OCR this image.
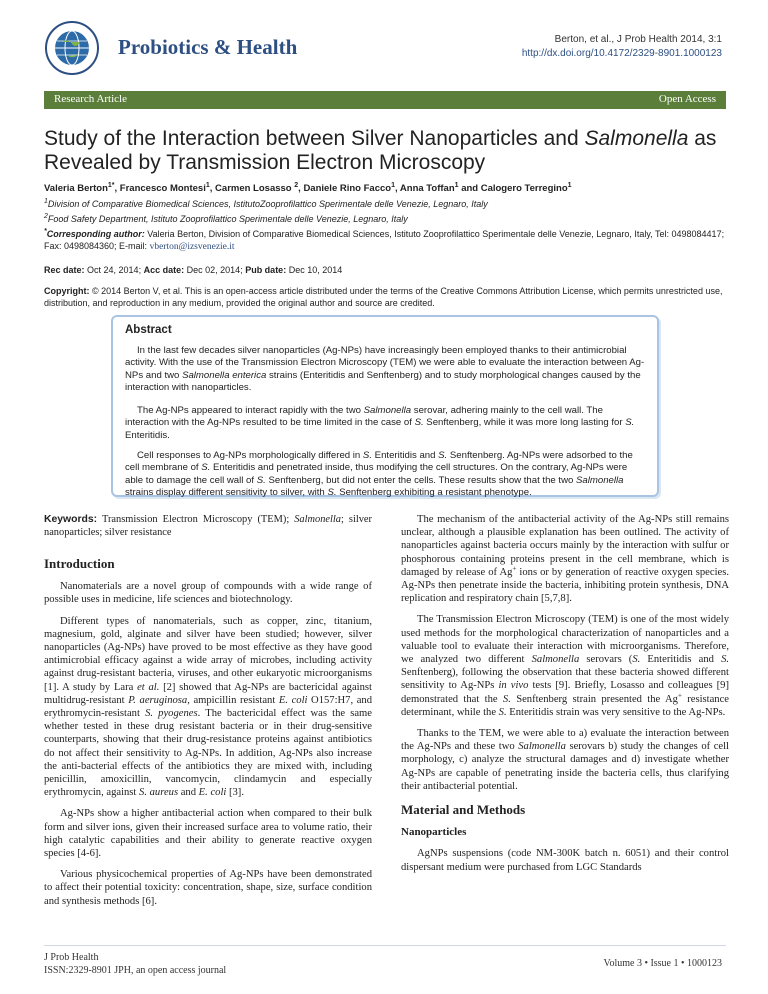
Probiotics & Health	Berton, et al., J Prob Health 2014, 3:1
http://dx.doi.org/10.4172/2329-8901.1000123
Research Article	Open Access
Study of the Interaction between Silver Nanoparticles and Salmonella as Revealed by Transmission Electron Microscopy
Valeria Berton$^{1*}$, Francesco Montesi$^1$, Carmen Losasso $^2$, Daniele Rino Facco$^1$, Anna Toffan$^1$ and Calogero Terregino$^1$
$^1$Division of Comparative Biomedical Sciences, IstitutoZooprofilattico Sperimentale delle Venezie, Legnaro, Italy
$^2$Food Safety Department, Istituto Zooprofilattico Sperimentale delle Venezie, Legnaro, Italy
*Corresponding author: Valeria Berton, Division of Comparative Biomedical Sciences, Istituto Zooprofilattico Sperimentale delle Venezie, Legnaro, Italy, Tel: 0498084417; Fax: 0498084360; E-mail: vberton@izsvenezie.it
Rec date: Oct 24, 2014; Acc date: Dec 02, 2014; Pub date: Dec 10, 2014
Copyright: © 2014 Berton V, et al. This is an open-access article distributed under the terms of the Creative Commons Attribution License, which permits unrestricted use, distribution, and reproduction in any medium, provided the original author and source are credited.
Abstract
In the last few decades silver nanoparticles (Ag-NPs) have increasingly been employed thanks to their antimicrobial activity. With the use of the Transmission Electron Microscopy (TEM) we were able to evaluate the interaction between Ag-NPs and two Salmonella enterica strains (Enteritidis and Senftenberg) and to study morphological changes caused by the interaction with nanoparticles.
The Ag-NPs appeared to interact rapidly with the two Salmonella serovar, adhering mainly to the cell wall. The interaction with the Ag-NPs resulted to be time limited in the case of S. Senftenberg, while it was more long lasting for S. Enteritidis.
Cell responses to Ag-NPs morphologically differed in S. Enteritidis and S. Senftenberg. Ag-NPs were adsorbed to the cell membrane of S. Enteritidis and penetrated inside, thus modifying the cell structures. On the contrary, Ag-NPs were able to damage the cell wall of S. Senftenberg, but did not enter the cells. These results show that the two Salmonella strains display different sensitivity to silver, with S. Senftenberg exhibiting a resistant phenotype.

Keywords: Transmission Electron Microscopy (TEM); Salmonella; silver nanoparticles; silver resistance

Introduction

Nanomaterials are a novel group of compounds with a wide range of possible uses in medicine, life sciences and biotechnology.

Different types of nanomaterials, such as copper, zinc, titanium, magnesium, gold, alginate and silver have been studied; however, silver nanoparticles (Ag-NPs) have proved to be most effective as they have good antimicrobial efficacy against a wide array of microbes, including activity against drug-resistant bacteria, viruses, and other eukaryotic microorganisms [1]. A study by Lara et al. [2] showed that Ag-NPs are bactericidal against multidrug-resistant P. aeruginosa, ampicillin resistant E. coli O157:H7, and erythromycin-resistant S. pyogenes. The bactericidal effect was the same whether tested in these drug resistant bacteria or in their drug-sensitive counterparts, showing that their drug-resistance proteins against antibiotics do not affect their sensitivity to Ag-NPs. In addition, Ag-NPs also increase the anti-bacterial effects of the antibiotics they are mixed with, including penicillin, amoxicillin, vancomycin, clindamycin and especially erythromycin, against S. aureus and E. coli [3].

Ag-NPs show a higher antibacterial action when compared to their bulk form and silver ions, given their increased surface area to volume ratio, their high catalytic capabilities and their ability to generate reactive oxygen species [4-6].

Various physicochemical properties of Ag-NPs have been demonstrated to affect their potential toxicity: concentration, shape, size, surface condition and synthesis methods [6].

The mechanism of the antibacterial activity of the Ag-NPs still remains unclear, although a plausible explanation has been outlined. The activity of nanoparticles against bacteria occurs mainly by the interaction with sulfur or phosphorous containing proteins present in the cell membrane, which is damaged by release of Ag+ ions or by generation of reactive oxygen species. Ag-NPs then penetrate inside the bacteria, inhibiting protein synthesis, DNA replication and respiratory chain [5,7,8].

The Transmission Electron Microscopy (TEM) is one of the most widely used methods for the morphological characterization of nanoparticles and a valuable tool to evaluate their interaction with microorganisms. Therefore, we analyzed two different Salmonella serovars (S. Enteritidis and S. Senftenberg), following the observation that these bacteria showed different sensitivity to Ag-NPs in vivo tests [9]. Briefly, Losasso and colleagues [9] demonstrated that the S. Senftenberg strain presented the Ag+ resistance determinant, while the S. Enteritidis strain was very sensitive to the Ag-NPs.

Thanks to the TEM, we were able to a) evaluate the interaction between the Ag-NPs and these two Salmonella serovars b) study the changes of cell morphology, c) analyze the structural damages and d) investigate whether Ag-NPs are capable of penetrating inside the bacteria cells, thus clarifying their antibacterial potential.

Material and Methods
Nanoparticles

AgNPs suspensions (code NM-300K batch n. 6051) and their control dispersant medium were purchased from LGC Standards

J Prob Health
ISSN:2329-8901 JPH, an open access journal
Volume 3 • Issue 1 • 1000123
